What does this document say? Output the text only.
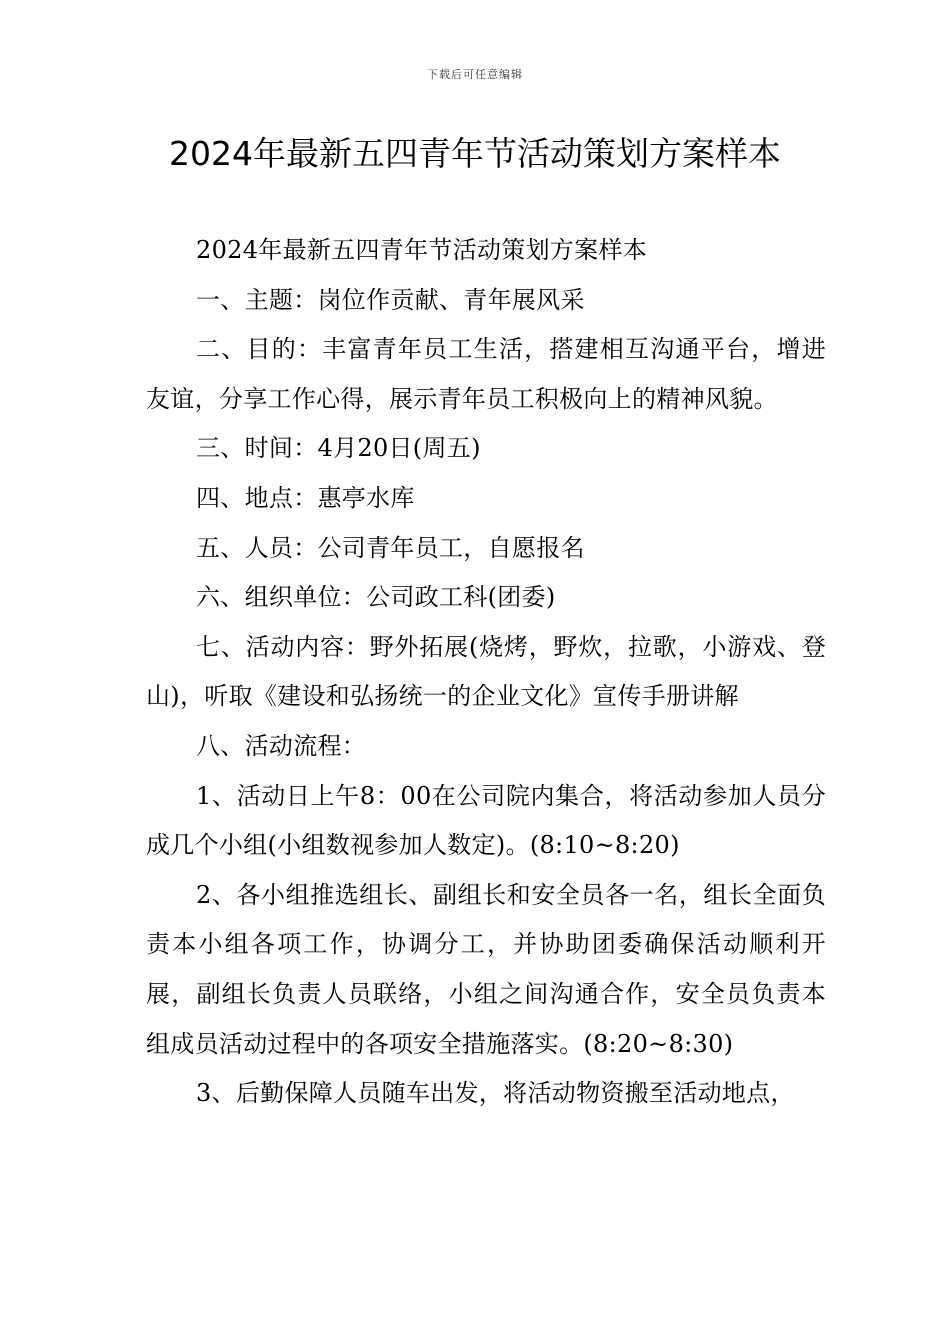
下载后可任意编辑
2024年最新五四青年节活动策划方案样本

2024年最新五四青年节活动策划方案样本

一、主题：岗位作贡献、青年展风采

二、目的：丰富青年员工生活，搭建相互沟通平台，增进友谊，分享工作心得，展示青年员工积极向上的精神风貌。

三、时间：4月20日(周五)

四、地点：惠亭水库

五、人员：公司青年员工，自愿报名

六、组织单位：公司政工科(团委)

七、活动内容：野外拓展(烧烤，野炊，拉歌，小游戏、登山)，听取《建设和弘扬统一的企业文化》宣传手册讲解

八、活动流程：

1、活动日上午8：00在公司院内集合，将活动参加人员分成几个小组(小组数视参加人数定)。(8:10~8:20)

2、各小组推选组长、副组长和安全员各一名，组长全面负责本小组各项工作，协调分工，并协助团委确保活动顺利开展，副组长负责人员联络，小组之间沟通合作，安全员负责本组成员活动过程中的各项安全措施落实。(8:20~8:30)

3、后勤保障人员随车出发，将活动物资搬至活动地点，
